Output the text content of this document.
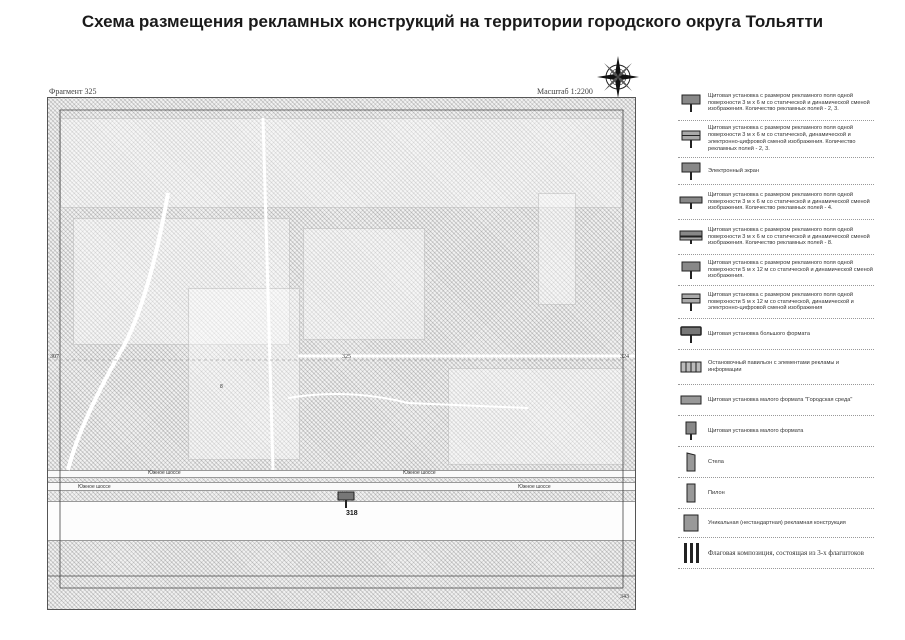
Схема размещения рекламных конструкций на территории городского округа Тольятти
Фрагмент 325	Масштаб 1:2200
307	325	324
343
8
Южное шоссе	Южное шоссе
Южное шоссе	Южное шоссе
318
Щитовая установка с размером рекламного поля одной поверхности 3 м х 6 м со статической и динамической сменой изображения. Количество рекламных полей - 2, 3.
Щитовая установка с размером рекламного поля одной поверхности 3 м х 6 м со статической, динамической и электронно-цифровой сменой изображения. Количество рекламных полей - 2, 3.
Электронный экран
Щитовая установка с размером рекламного поля одной поверхности 3 м х 6 м со статической и динамической сменой изображения. Количество рекламных полей - 4.
Щитовая установка с размером рекламного поля одной поверхности 3 м х 6 м со статической и динамической сменой изображения. Количество рекламных полей - 8.
Щитовая установка с размером рекламного поля одной поверхности 5 м х 12 м со статической и динамической сменой изображения.
Щитовая установка с размером рекламного поля одной поверхности 5 м х 12 м со статической, динамической и электронно-цифровой сменой изображения
Щитовая установка большого формата
Остановочный павильон с элементами рекламы и информации
Щитовая установка малого формата "Городская среда"
Щитовая установка малого формата
Стела
Пилон
Уникальная (нестандартная) рекламная конструкция
Флаговая композиция, состоящая из 3-х флагштоков
